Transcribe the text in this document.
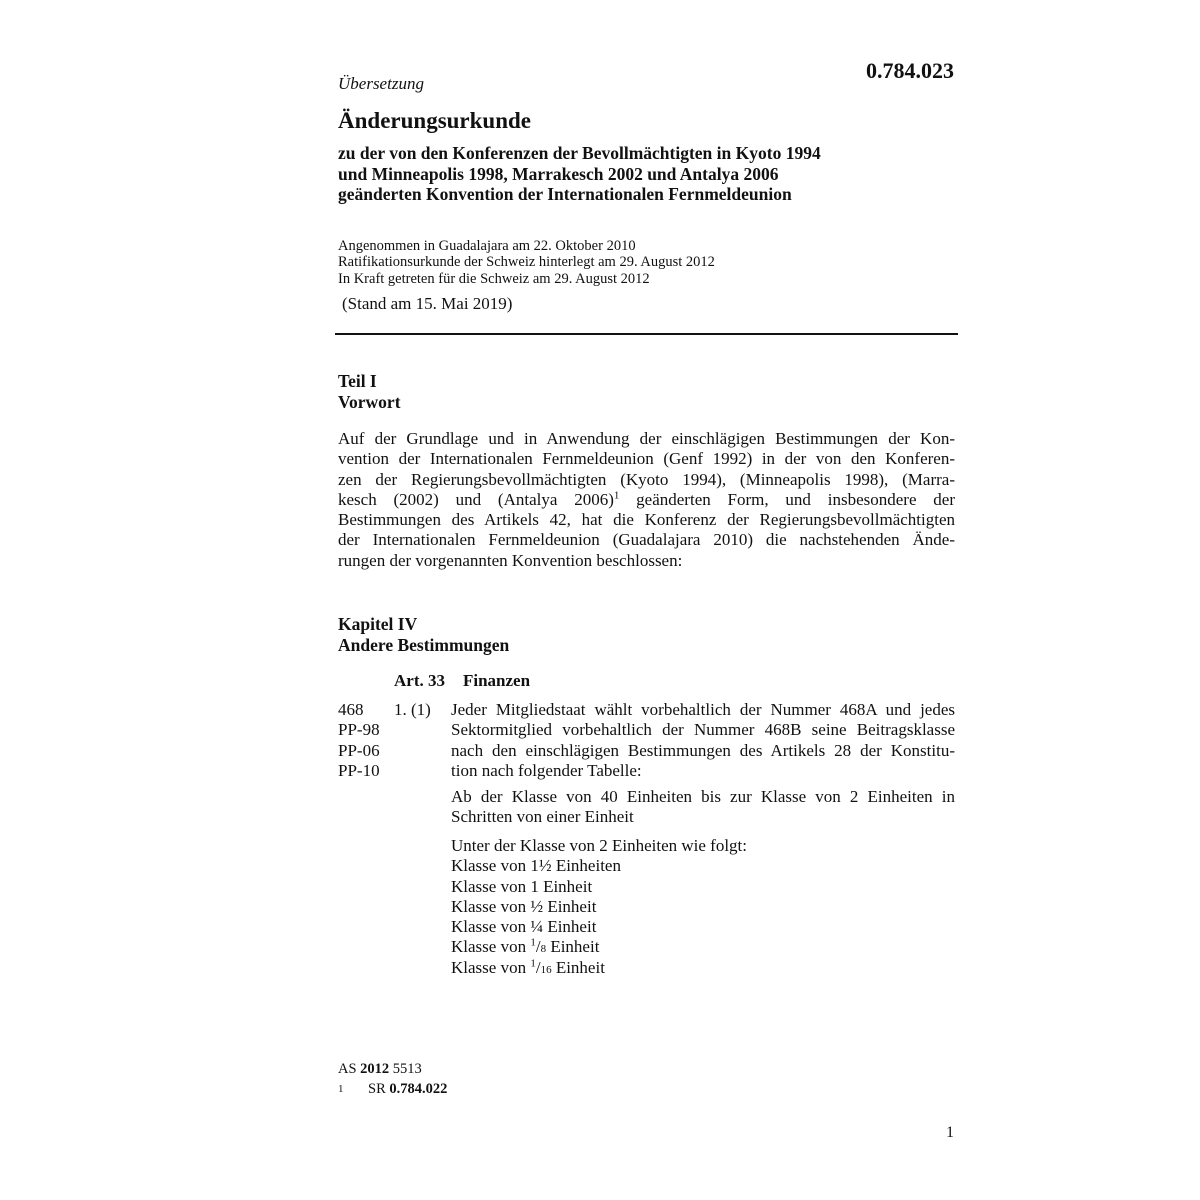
0.784.023
Übersetzung
Änderungsurkunde
zu der von den Konferenzen der Bevollmächtigten in Kyoto 1994
und Minneapolis 1998, Marrakesch 2002 und Antalya 2006
geänderten Konvention der Internationalen Fernmeldeunion
Angenommen in Guadalajara am 22. Oktober 2010
Ratifikationsurkunde der Schweiz hinterlegt am 29. August 2012
In Kraft getreten für die Schweiz am 29. August 2012
(Stand am 15. Mai 2019)
Teil I
Vorwort
Auf der Grundlage und in Anwendung der einschlägigen Bestimmungen der Kon-
vention der Internationalen Fernmeldeunion (Genf 1992) in der von den Konferen-
zen der Regierungsbevollmächtigten (Kyoto 1994), (Minneapolis 1998), (Marra-
kesch (2002) und (Antalya 2006)$^1$ geänderten Form, und insbesondere der
Bestimmungen des Artikels 42, hat die Konferenz der Regierungsbevollmächtigten
der Internationalen Fernmeldeunion (Guadalajara 2010) die nachstehenden Ände-
rungen der vorgenannten Konvention beschlossen:
Kapitel IV
Andere Bestimmungen
Art. 33 Finanzen
468
PP-98
PP-06
PP-10
1. (1) Jeder Mitgliedstaat wählt vorbehaltlich der Nummer 468A und jedes
Sektormitglied vorbehaltlich der Nummer 468B seine Beitragsklasse
nach den einschlägigen Bestimmungen des Artikels 28 der Konstitu-
tion nach folgender Tabelle:
Ab der Klasse von 40 Einheiten bis zur Klasse von 2 Einheiten in
Schritten von einer Einheit
Unter der Klasse von 2 Einheiten wie folgt:
Klasse von 1½ Einheiten
Klasse von 1 Einheit
Klasse von ½ Einheit
Klasse von ¼ Einheit
Klasse von $^1$/8 Einheit
Klasse von $^1$/16 Einheit
AS 2012 5513
1 SR 0.784.022
1
